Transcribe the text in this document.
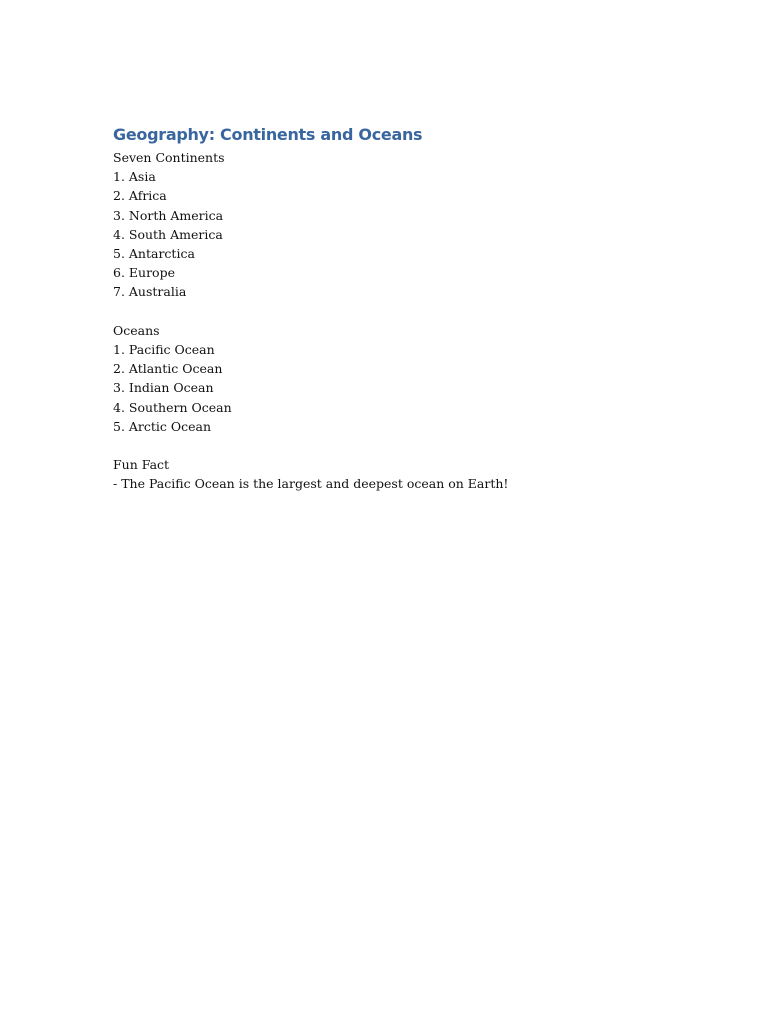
Geography: Continents and Oceans

Seven Continents

1. Asia

2. Africa

3. North America

4. South America

5. Antarctica

6. Europe

7. Australia

Oceans

1. Pacific Ocean

2. Atlantic Ocean

3. Indian Ocean

4. Southern Ocean

5. Arctic Ocean

Fun Fact

- The Pacific Ocean is the largest and deepest ocean on Earth!
